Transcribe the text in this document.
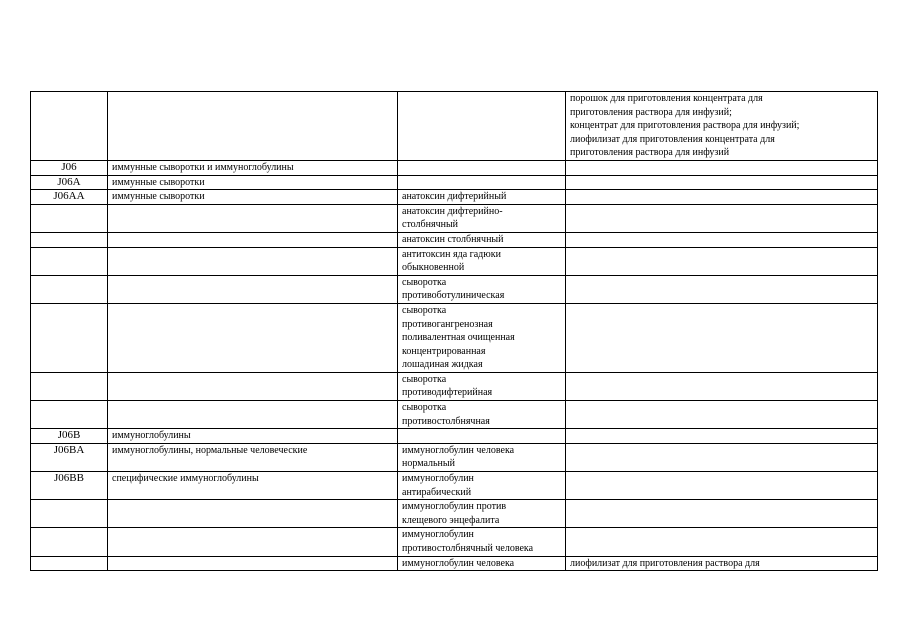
			порошок для приготовления концентрата для
приготовления раствора для инфузий;
концентрат для приготовления раствора для инфузий;
лиофилизат для приготовления концентрата для
приготовления раствора для инфузий
J06	иммунные сыворотки и иммуноглобулины		
J06A	иммунные сыворотки		
J06AA	иммунные сыворотки	анатоксин дифтерийный	
		анатоксин дифтерийно-
столбнячный	
		анатоксин столбнячный	
		антитоксин яда гадюки
обыкновенной	
		сыворотка
противоботулиническая	
		сыворотка
противогангренозная
поливалентная очищенная
концентрированная
лошадиная жидкая	
		сыворотка
противодифтерийная	
		сыворотка
противостолбнячная	
J06B	иммуноглобулины		
J06BA	иммуноглобулины, нормальные человеческие	иммуноглобулин человека
нормальный	
J06BB	специфические иммуноглобулины	иммуноглобулин
антирабический	
		иммуноглобулин против
клещевого энцефалита	
		иммуноглобулин
противостолбнячный человека	
		иммуноглобулин человека	лиофилизат для приготовления раствора для
